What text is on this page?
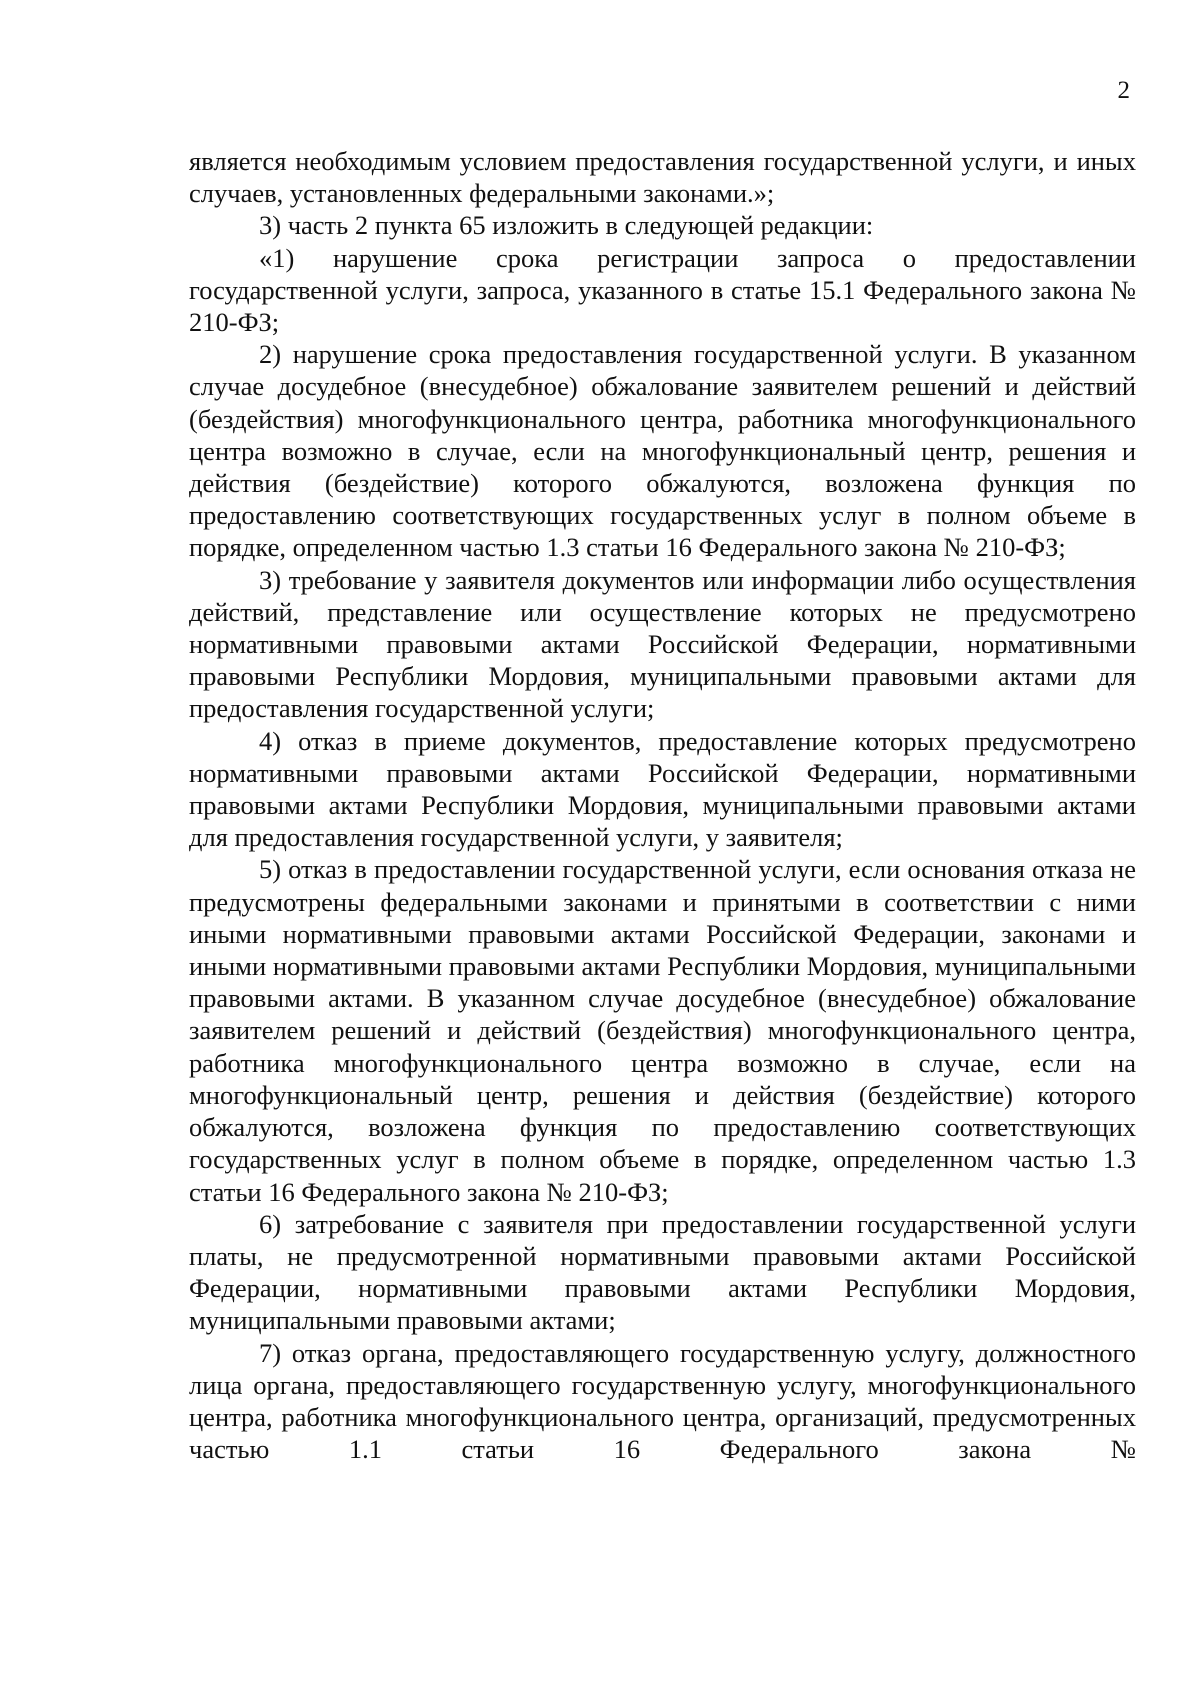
2

является необходимым условием предоставления государственной услуги, и иных случаев, установленных федеральными законами.»;

3) часть 2 пункта 65 изложить в следующей редакции:

«1) нарушение срока регистрации запроса о предоставлении государственной услуги, запроса, указанного в статье 15.1 Федерального закона № 210-ФЗ;

2) нарушение срока предоставления государственной услуги. В указанном случае досудебное (внесудебное) обжалование заявителем решений и действий (бездействия) многофункционального центра, работника многофункционального центра возможно в случае, если на многофункциональный центр, решения и действия (бездействие) которого обжалуются, возложена функция по предоставлению соответствующих государственных услуг в полном объеме в порядке, определенном частью 1.3 статьи 16 Федерального закона № 210-ФЗ;

3) требование у заявителя документов или информации либо осуществления действий, представление или осуществление которых не предусмотрено нормативными правовыми актами Российской Федерации, нормативными правовыми Республики Мордовия, муниципальными правовыми актами для предоставления государственной услуги;

4) отказ в приеме документов, предоставление которых предусмотрено нормативными правовыми актами Российской Федерации, нормативными правовыми актами Республики Мордовия, муниципальными правовыми актами для предоставления государственной услуги, у заявителя;

5) отказ в предоставлении государственной услуги, если основания отказа не предусмотрены федеральными законами и принятыми в соответствии с ними иными нормативными правовыми актами Российской Федерации, законами и иными нормативными правовыми актами Республики Мордовия, муниципальными правовыми актами. В указанном случае досудебное (внесудебное) обжалование заявителем решений и действий (бездействия) многофункционального центра, работника многофункционального центра возможно в случае, если на многофункциональный центр, решения и действия (бездействие) которого обжалуются, возложена функция по предоставлению соответствующих государственных услуг в полном объеме в порядке, определенном частью 1.3 статьи 16 Федерального закона № 210-ФЗ;

6) затребование с заявителя при предоставлении государственной услуги платы, не предусмотренной нормативными правовыми актами Российской Федерации, нормативными правовыми актами Республики Мордовия, муниципальными правовыми актами;

7) отказ органа, предоставляющего государственную услугу, должностного лица органа, предоставляющего государственную услугу, многофункционального центра, работника многофункционального центра, организаций, предусмотренных частью 1.1 статьи 16 Федерального закона №
